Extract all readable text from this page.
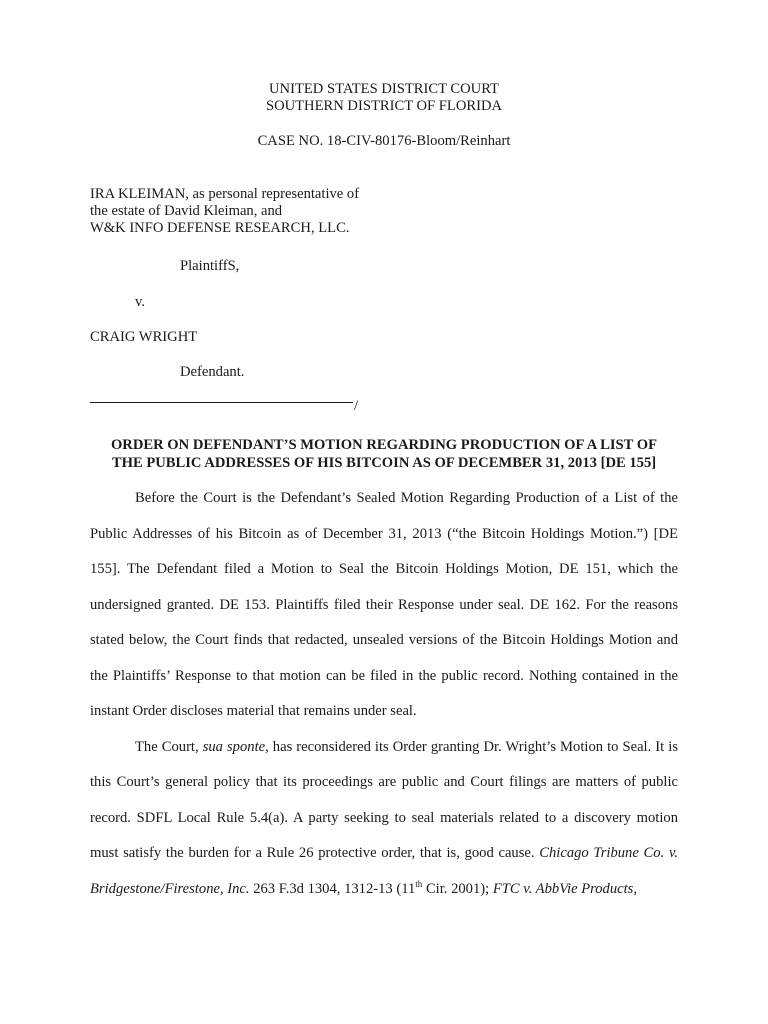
UNITED STATES DISTRICT COURT
SOUTHERN DISTRICT OF FLORIDA
CASE NO. 18-CIV-80176-Bloom/Reinhart
IRA KLEIMAN, as personal representative of
the estate of David Kleiman, and
W&K INFO DEFENSE RESEARCH, LLC.
PlaintiffS,
v.
CRAIG WRIGHT
Defendant.
/
ORDER ON DEFENDANT’S MOTION REGARDING PRODUCTION OF A LIST OF
THE PUBLIC ADDRESSES OF HIS BITCOIN AS OF DECEMBER 31, 2013 [DE 155]

Before the Court is the Defendant’s Sealed Motion Regarding Production of a List of the Public Addresses of his Bitcoin as of December 31, 2013 (“the Bitcoin Holdings Motion.”) [DE 155]. The Defendant filed a Motion to Seal the Bitcoin Holdings Motion, DE 151, which the undersigned granted. DE 153. Plaintiffs filed their Response under seal. DE 162. For the reasons stated below, the Court finds that redacted, unsealed versions of the Bitcoin Holdings Motion and the Plaintiffs’ Response to that motion can be filed in the public record. Nothing contained in the instant Order discloses material that remains under seal.

The Court, sua sponte, has reconsidered its Order granting Dr. Wright’s Motion to Seal. It is this Court’s general policy that its proceedings are public and Court filings are matters of public record. SDFL Local Rule 5.4(a). A party seeking to seal materials related to a discovery motion must satisfy the burden for a Rule 26 protective order, that is, good cause. Chicago Tribune Co. v. Bridgestone/Firestone, Inc. 263 F.3d 1304, 1312-13 (11th Cir. 2001); FTC v. AbbVie Products,
